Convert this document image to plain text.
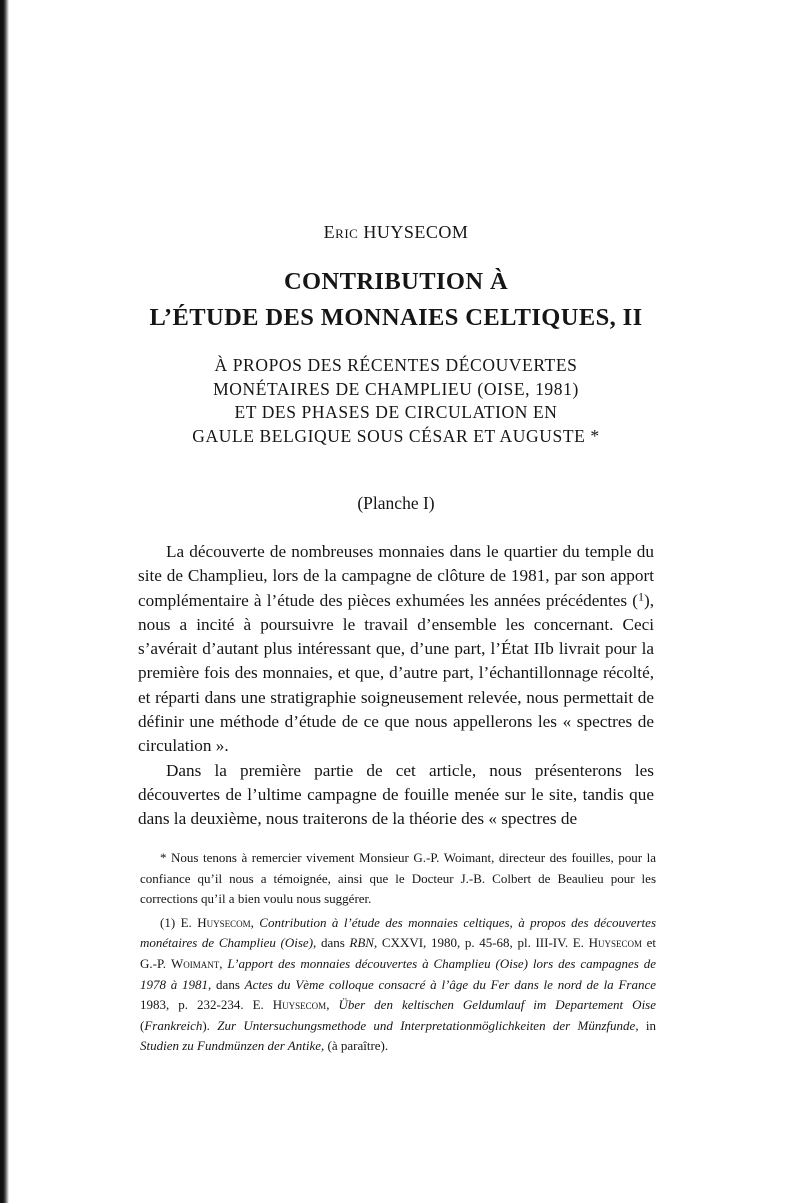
Eric HUYSECOM
CONTRIBUTION À
L’ÉTUDE DES MONNAIES CELTIQUES, II
À PROPOS DES RÉCENTES DÉCOUVERTES
MONÉTAIRES DE CHAMPLIEU (OISE, 1981)
ET DES PHASES DE CIRCULATION EN
GAULE BELGIQUE SOUS CÉSAR ET AUGUSTE *
(Planche I)

La découverte de nombreuses monnaies dans le quartier du temple du site de Champlieu, lors de la campagne de clôture de 1981, par son apport complémentaire à l’étude des pièces exhumées les années précédentes ($^1$), nous a incité à poursuivre le travail d’ensemble les concernant. Ceci s’avérait d’autant plus intéressant que, d’une part, l’État IIb livrait pour la première fois des monnaies, et que, d’autre part, l’échantillonnage récolté, et réparti dans une stratigraphie soigneusement relevée, nous permettait de définir une méthode d’étude de ce que nous appellerons les « spectres de circulation ».

Dans la première partie de cet article, nous présenterons les découvertes de l’ultime campagne de fouille menée sur le site, tandis que dans la deuxième, nous traiterons de la théorie des « spectres de

* Nous tenons à remercier vivement Monsieur G.-P. Woimant, directeur des fouilles, pour la confiance qu’il nous a témoignée, ainsi que le Docteur J.-B. Colbert de Beaulieu pour les corrections qu’il a bien voulu nous suggérer.

(1) E. Huysecom, Contribution à l’étude des monnaies celtiques, à propos des découvertes monétaires de Champlieu (Oise), dans RBN, CXXVI, 1980, p. 45-68, pl. III-IV. E. Huysecom et G.-P. Woimant, L’apport des monnaies découvertes à Champlieu (Oise) lors des campagnes de 1978 à 1981, dans Actes du Vème colloque consacré à l’âge du Fer dans le nord de la France 1983, p. 232-234. E. Huysecom, Über den keltischen Geldumlauf im Departement Oise (Frankreich). Zur Untersuchungsmethode und Interpretationmöglichkeiten der Münzfunde, in Studien zu Fundmünzen der Antike, (à paraître).
